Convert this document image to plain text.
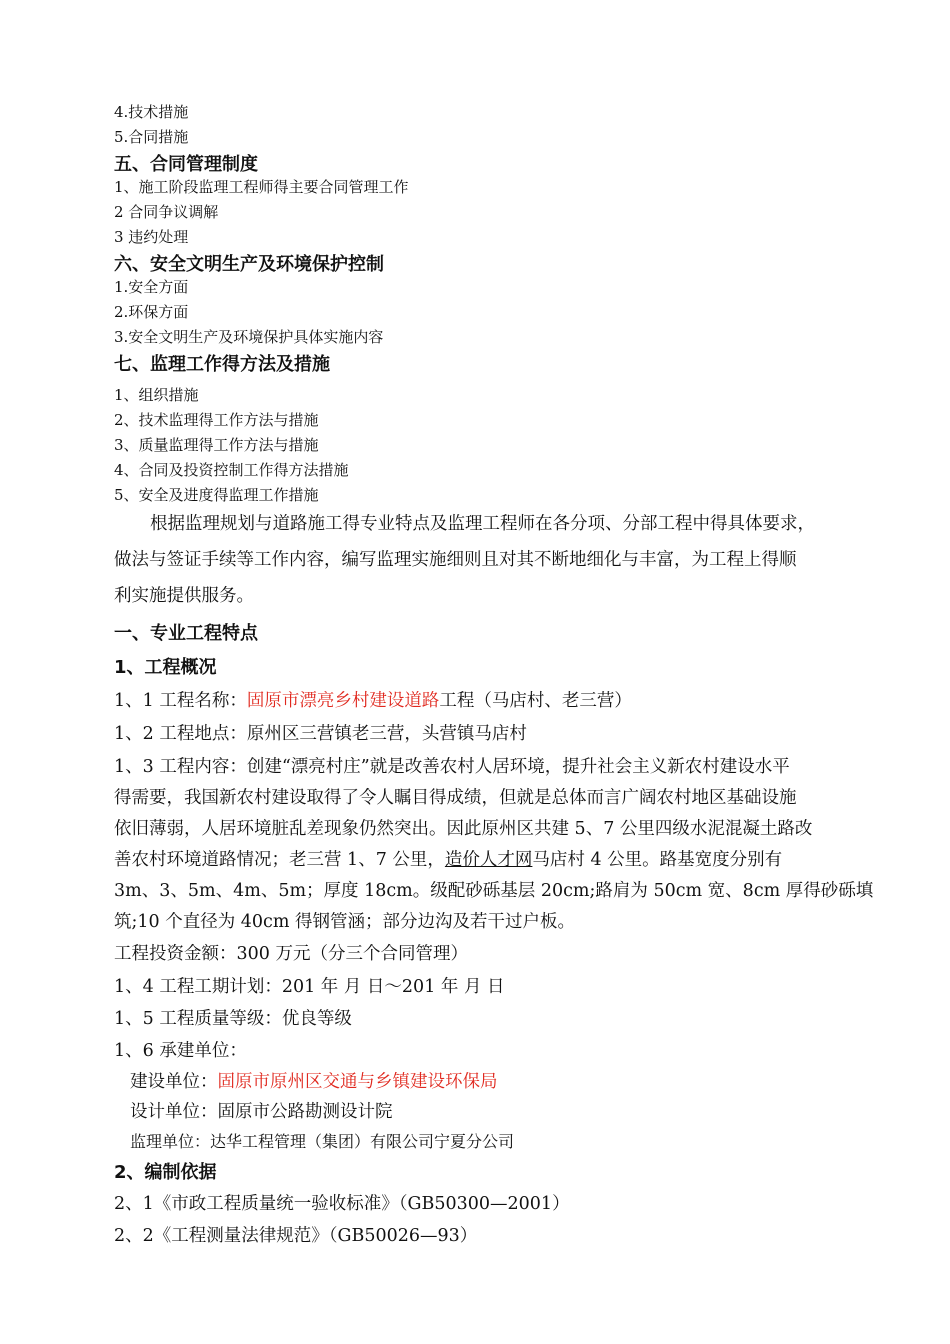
4.技术措施
5.合同措施
五、合同管理制度
1、施工阶段监理工程师得主要合同管理工作
2 合同争议调解
3 违约处理
六、安全文明生产及环境保护控制
1.安全方面
2.环保方面
3.安全文明生产及环境保护具体实施内容
七、监理工作得方法及措施
1、组织措施
2、技术监理得工作方法与措施
3、质量监理得工作方法与措施
4、合同及投资控制工作得方法措施
5、安全及进度得监理工作措施
根据监理规划与道路施工得专业特点及监理工程师在各分项、分部工程中得具体要求，
做法与签证手续等工作内容，编写监理实施细则且对其不断地细化与丰富，为工程上得顺
利实施提供服务。
一、专业工程特点
1、工程概况
1、1 工程名称：固原市漂亮乡村建设道路工程（马店村、老三营）
1、2 工程地点：原州区三营镇老三营，头营镇马店村
1、3 工程内容：创建“漂亮村庄”就是改善农村人居环境，提升社会主义新农村建设水平
得需要，我国新农村建设取得了令人瞩目得成绩，但就是总体而言广阔农村地区基础设施
依旧薄弱，人居环境脏乱差现象仍然突出。因此原州区共建 5、7 公里四级水泥混凝土路改
善农村环境道路情况；老三营 1、7 公里，造价人才网马店村 4 公里。路基宽度分别有
3m、3、5m、4m、5m；厚度 18cm。级配砂砾基层 20cm;路肩为 50cm 宽、8cm 厚得砂砾填
筑;10 个直径为 40cm 得钢管涵；部分边沟及若干过户板。
工程投资金额：300 万元（分三个合同管理）
1、4 工程工期计划：201 年 月 日～201 年 月 日
1、5 工程质量等级：优良等级
1、6 承建单位：
建设单位：固原市原州区交通与乡镇建设环保局
设计单位：固原市公路勘测设计院
监理单位：达华工程管理（集团）有限公司宁夏分公司
2、编制依据
2、1《市政工程质量统一验收标准》（GB50300—2001）
2、2《工程测量法律规范》（GB50026—93）
